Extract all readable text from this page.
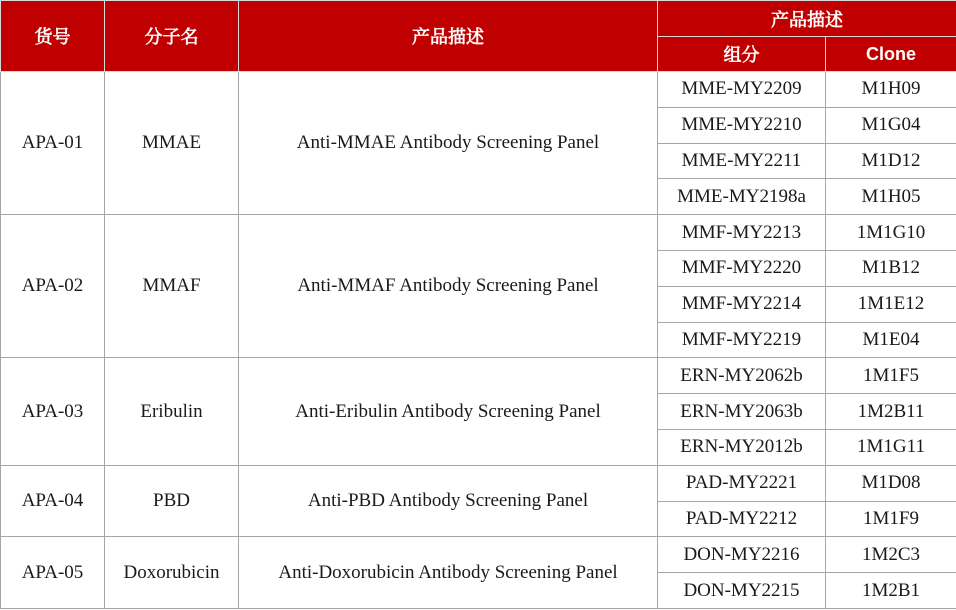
货号	分子名	产品描述	产品描述	
			组分	Clone
APA-01	MMAE	Anti-MMAE Antibody Screening Panel	MME-MY2209	M1H09
			MME-MY2210	M1G04
			MME-MY2211	M1D12
			MME-MY2198a	M1H05
APA-02	MMAF	Anti-MMAF Antibody Screening Panel	MMF-MY2213	1M1G10
			MMF-MY2220	M1B12
			MMF-MY2214	1M1E12
			MMF-MY2219	M1E04
APA-03	Eribulin	Anti-Eribulin Antibody Screening Panel	ERN-MY2062b	1M1F5
			ERN-MY2063b	1M2B11
			ERN-MY2012b	1M1G11
APA-04	PBD	Anti-PBD Antibody Screening Panel	PAD-MY2221	M1D08
			PAD-MY2212	1M1F9
APA-05	Doxorubicin	Anti-Doxorubicin Antibody Screening Panel	DON-MY2216	1M2C3
			DON-MY2215	1M2B1
